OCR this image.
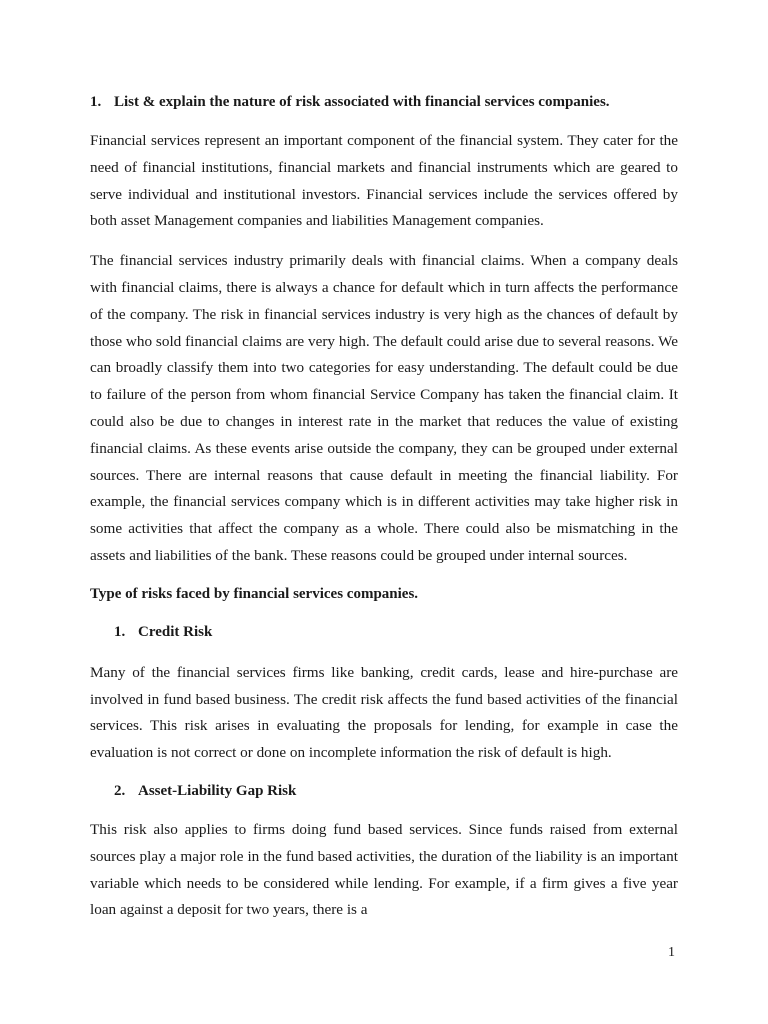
1. List & explain the nature of risk associated with financial services companies.

Financial services represent an important component of the financial system. They cater for the need of financial institutions, financial markets and financial instruments which are geared to serve individual and institutional investors. Financial services include the services offered by both asset Management companies and liabilities Management companies.

The financial services industry primarily deals with financial claims. When a company deals with financial claims, there is always a chance for default which in turn affects the performance of the company. The risk in financial services industry is very high as the chances of default by those who sold financial claims are very high. The default could arise due to several reasons. We can broadly classify them into two categories for easy understanding. The default could be due to failure of the person from whom financial Service Company has taken the financial claim. It could also be due to changes in interest rate in the market that reduces the value of existing financial claims. As these events arise outside the company, they can be grouped under external sources. There are internal reasons that cause default in meeting the financial liability. For example, the financial services company which is in different activities may take higher risk in some activities that affect the company as a whole. There could also be mismatching in the assets and liabilities of the bank. These reasons could be grouped under internal sources.

Type of risks faced by financial services companies.

1. Credit Risk

Many of the financial services firms like banking, credit cards, lease and hire-purchase are involved in fund based business. The credit risk affects the fund based activities of the financial services. This risk arises in evaluating the proposals for lending, for example in case the evaluation is not correct or done on incomplete information the risk of default is high.

2. Asset-Liability Gap Risk

This risk also applies to firms doing fund based services. Since funds raised from external sources play a major role in the fund based activities, the duration of the liability is an important variable which needs to be considered while lending. For example, if a firm gives a five year loan against a deposit for two years, there is a

1
